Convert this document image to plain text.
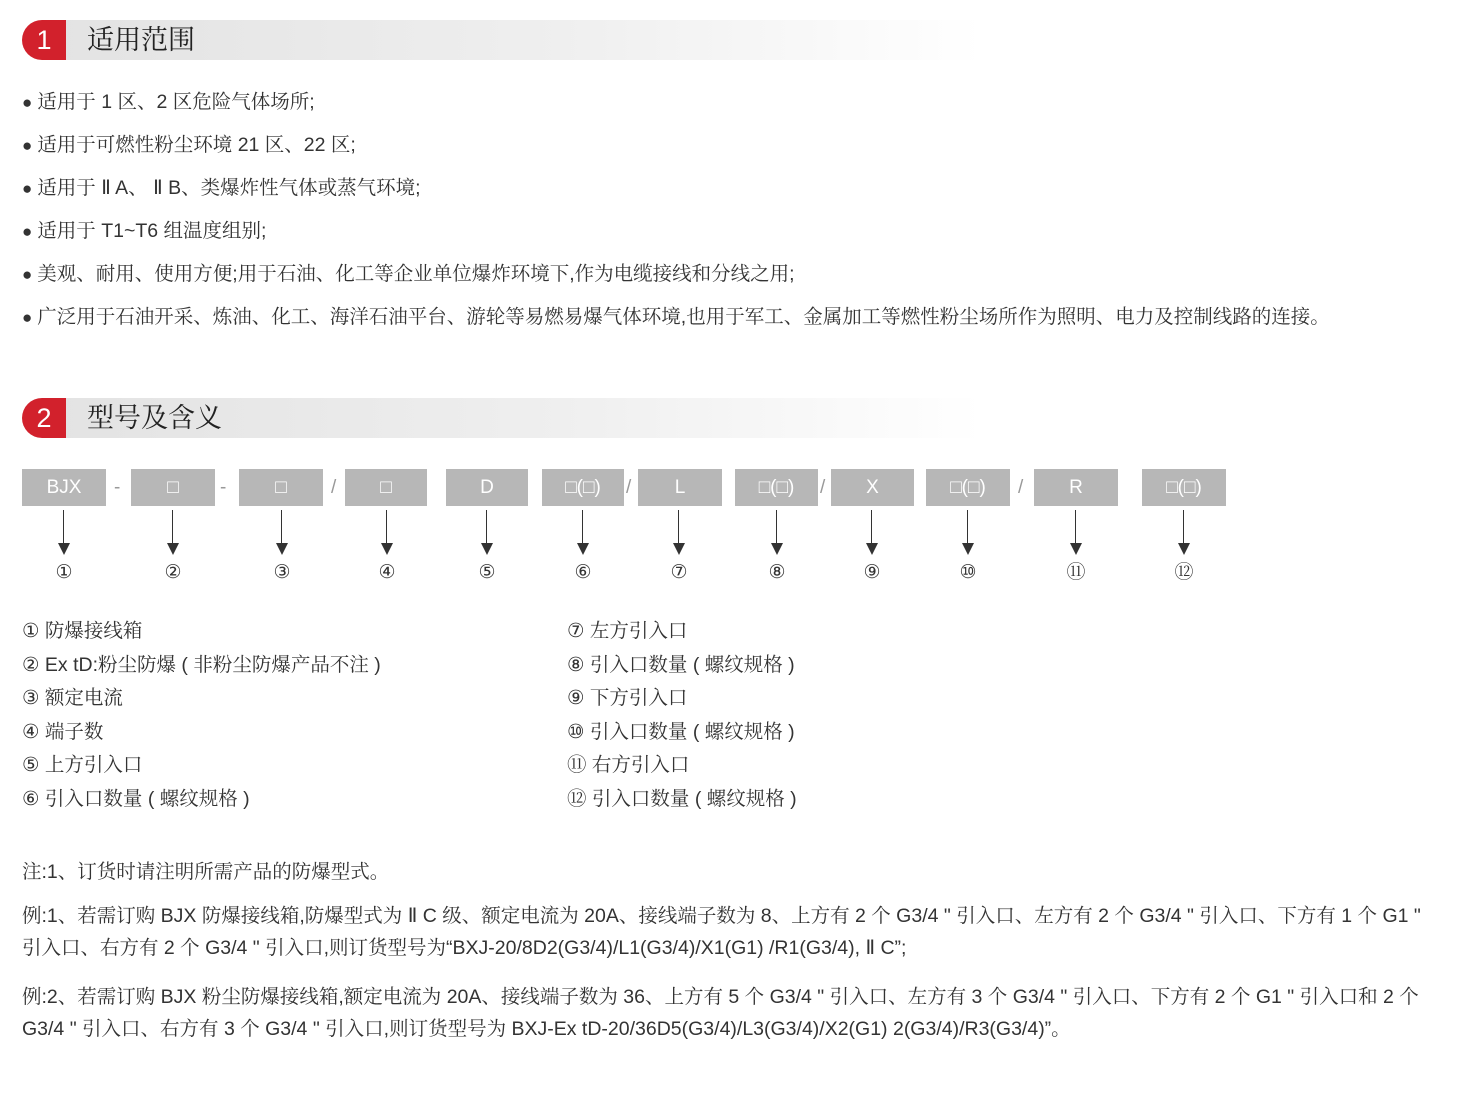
1	适用范围
● 适用于 1 区、2 区危险气体场所;
● 适用于可燃性粉尘环境 21 区、22 区;
● 适用于 Ⅱ A、 Ⅱ B、类爆炸性气体或蒸气环境;
● 适用于 T1~T6 组温度组别;
● 美观、耐用、使用方便;用于石油、化工等企业单位爆炸环境下,作为电缆接线和分线之用;
● 广泛用于石油开采、炼油、化工、海洋石油平台、游轮等易燃易爆气体环境,也用于军工、金属加工等燃性粉尘场所作为照明、电力及控制线路的连接。
2	型号及含义
BJX	-	□	-	□	/	□	D	□(□)	/	L	□(□)	/	X	□(□)	/	R	□(□)
①	②	③	④	⑤	⑥	⑦	⑧	⑨	⑩	⑪	⑫
① 防爆接线箱
② Ex tD:粉尘防爆 ( 非粉尘防爆产品不注 )
③ 额定电流
④ 端子数
⑤ 上方引入口
⑥ 引入口数量 ( 螺纹规格 )
⑦ 左方引入口
⑧ 引入口数量 ( 螺纹规格 )
⑨ 下方引入口
⑩ 引入口数量 ( 螺纹规格 )
⑪ 右方引入口
⑫ 引入口数量 ( 螺纹规格 )
注:1、订货时请注明所需产品的防爆型式。
例:1、若需订购 BJX 防爆接线箱,防爆型式为 Ⅱ C 级、额定电流为 20A、接线端子数为 8、上方有 2 个 G3/4 " 引入口、左方有 2 个 G3/4 " 引入口、下方有 1 个 G1 " 引入口、右方有 2 个 G3/4 " 引入口,则订货型号为“BXJ-20/8D2(G3/4)/L1(G3/4)/X1(G1) /R1(G3/4), Ⅱ C”;
例:2、若需订购 BJX 粉尘防爆接线箱,额定电流为 20A、接线端子数为 36、上方有 5 个 G3/4 " 引入口、左方有 3 个 G3/4 " 引入口、下方有 2 个 G1 " 引入口和 2 个 G3/4 " 引入口、右方有 3 个 G3/4 " 引入口,则订货型号为 BXJ-Ex tD-20/36D5(G3/4)/L3(G3/4)/X2(G1) 2(G3/4)/R3(G3/4)”。
